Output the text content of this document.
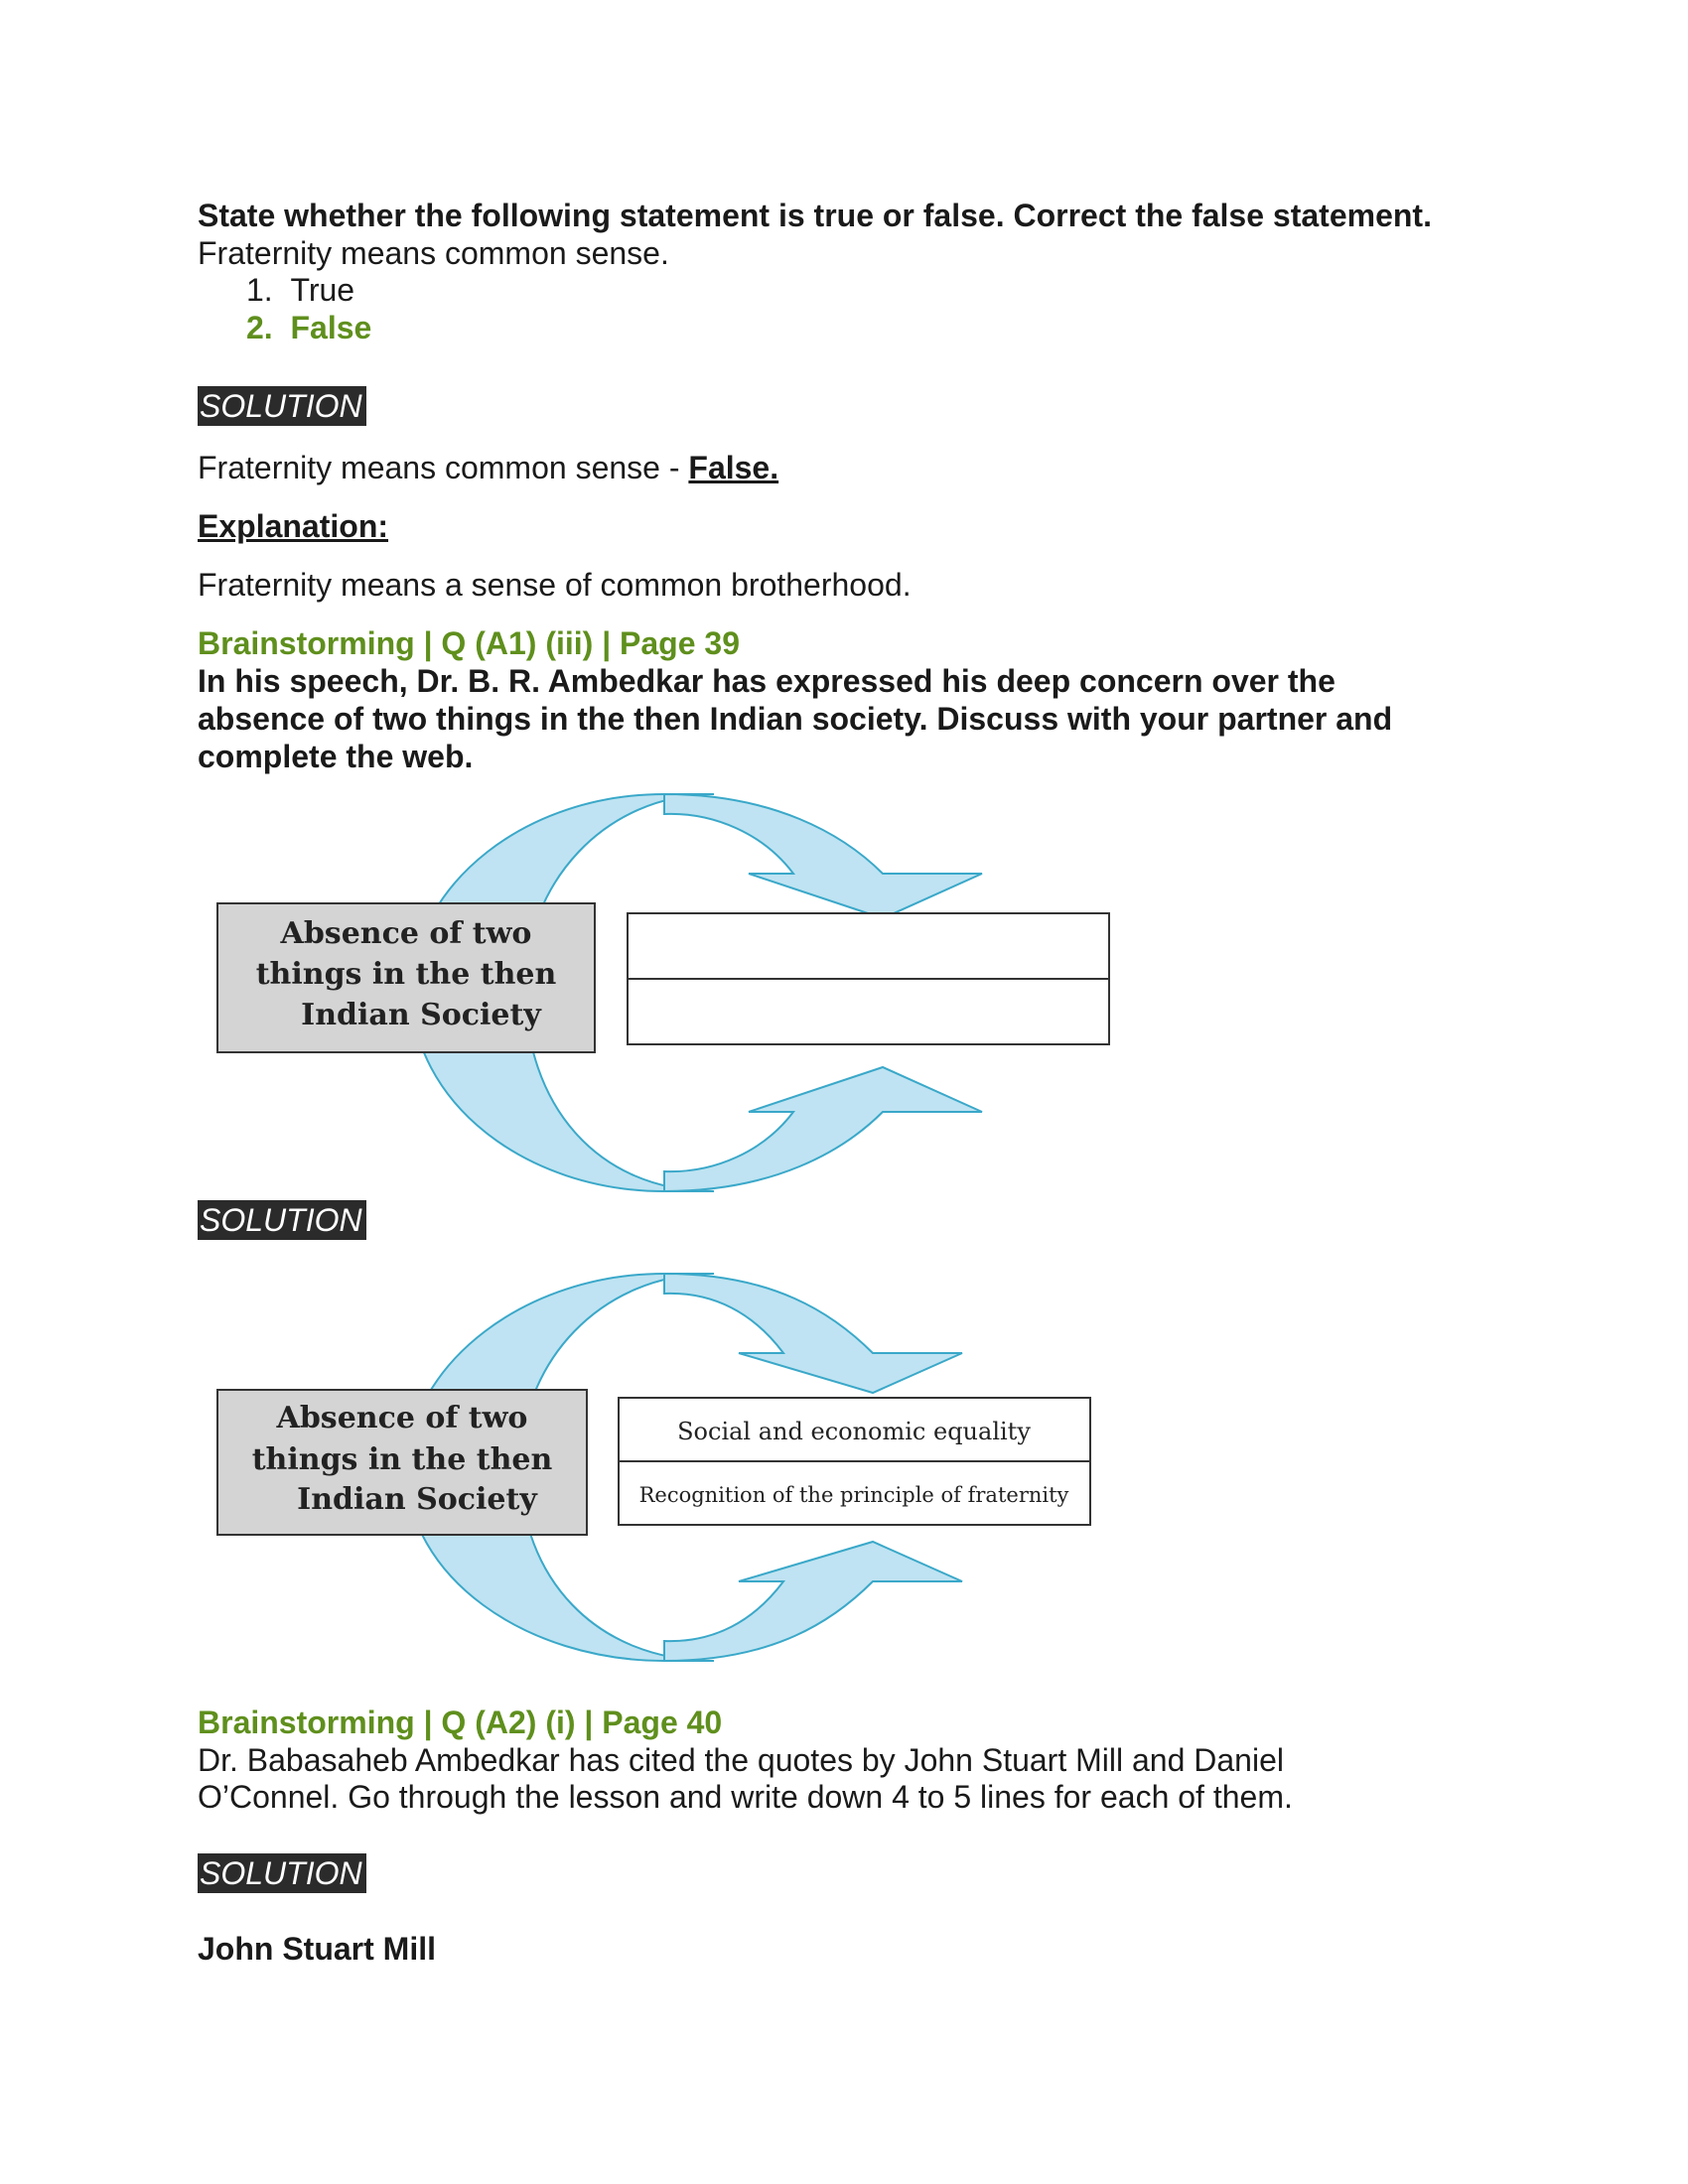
State whether the following statement is true or false. Correct the false statement.
Fraternity means common sense.
1. True
2. False
SOLUTION
Fraternity means common sense - False.
Explanation:
Fraternity means a sense of common brotherhood.
Brainstorming | Q (A1) (iii) | Page 39
In his speech, Dr. B. R. Ambedkar has expressed his deep concern over the
absence of two things in the then Indian society. Discuss with your partner and
complete the web.
Absence of two
things in the then
Indian Society
SOLUTION
Absence of two
things in the then
Indian Society
Social and economic equality
Recognition of the principle of fraternity
Brainstorming | Q (A2) (i) | Page 40
Dr. Babasaheb Ambedkar has cited the quotes by John Stuart Mill and Daniel
O’Connel. Go through the lesson and write down 4 to 5 lines for each of them.
SOLUTION
John Stuart Mill
